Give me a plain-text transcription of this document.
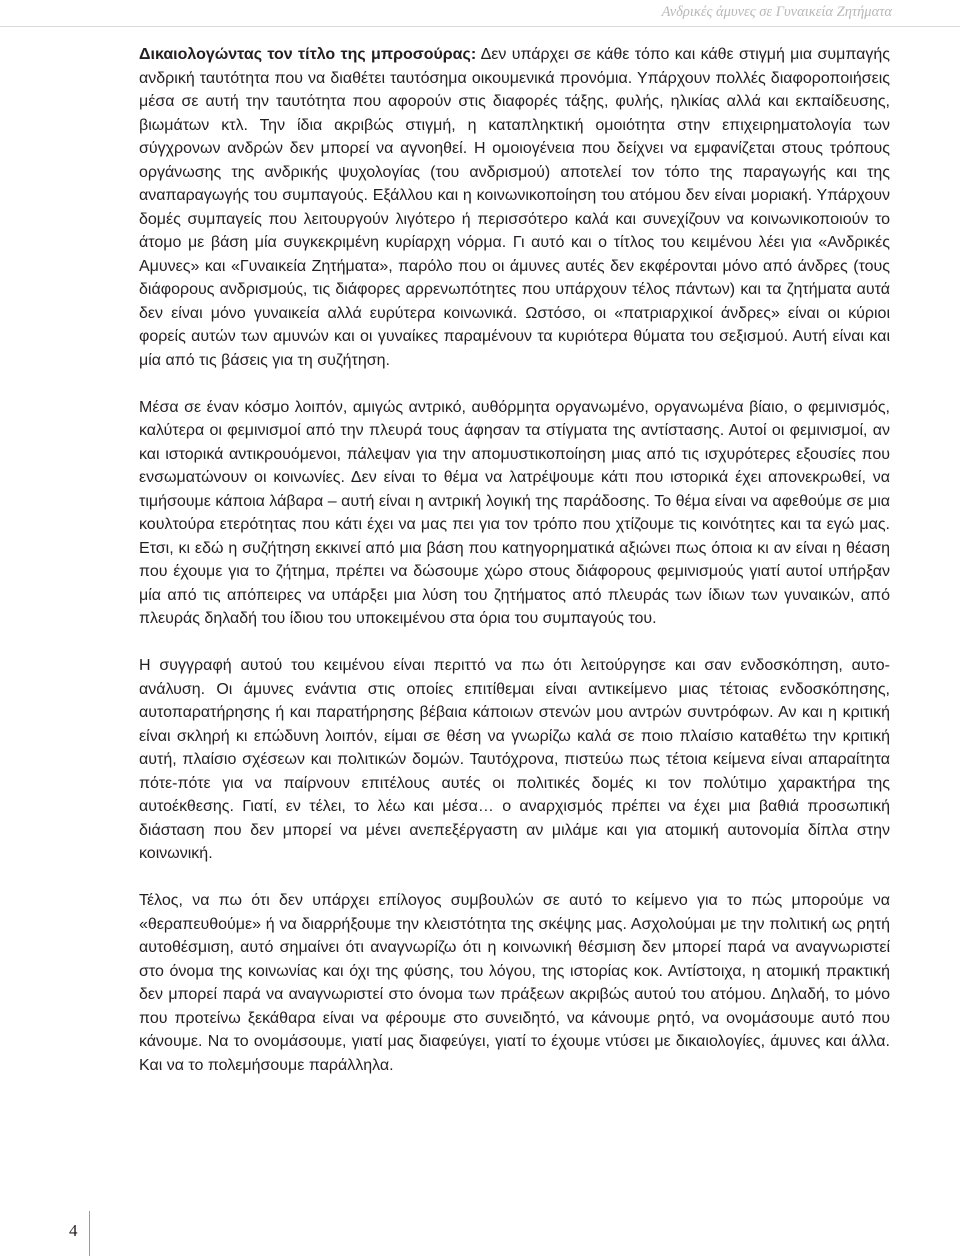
Ανδρικές άμυνες σε Γυναικεία Ζητήματα

Δικαιολογώντας τον τίτλο της μπροσούρας: Δεν υπάρχει σε κάθε τόπο και κάθε στιγμή μια συμπαγής ανδρική ταυτότητα που να διαθέτει ταυτόσημα οικουμενικά προνόμια. Υπάρχουν πολλές διαφοροποιήσεις μέσα σε αυτή την ταυτότητα που αφορούν στις διαφορές τάξης, φυλής, ηλικίας αλλά και εκπαίδευσης, βιωμάτων κτλ. Την ίδια ακριβώς στιγμή, η καταπληκτική ομοιότητα στην επιχειρηματολογία των σύγχρονων ανδρών δεν μπορεί να αγνοηθεί. Η ομοιογένεια που δείχνει να εμφανίζεται στους τρόπους οργάνωσης της ανδρικής ψυχολογίας (του ανδρισμού) αποτελεί τον τόπο της παραγωγής και της αναπαραγωγής του συμπαγούς. Εξάλλου και η κοινωνικοποίηση του ατόμου δεν είναι μοριακή. Υπάρχουν δομές συμπαγείς που λειτουργούν λιγότερο ή περισσότερο καλά και συνεχίζουν να κοινωνικοποιούν το άτομο με βάση μία συγκεκριμένη κυρίαρχη νόρμα. Γι αυτό και ο τίτλος του κειμένου λέει για «Ανδρικές Αμυνες» και «Γυναικεία Ζητήματα», παρόλο που οι άμυνες αυτές δεν εκφέρονται μόνο από άνδρες (τους διάφορους ανδρισμούς, τις διάφορες αρρενωπότητες που υπάρχουν τέλος πάντων) και τα ζητήματα αυτά δεν είναι μόνο γυναικεία αλλά ευρύτερα κοινωνικά. Ωστόσο, οι «πατριαρχικοί άνδρες» είναι οι κύριοι φορείς αυτών των αμυνών και οι γυναίκες παραμένουν τα κυριότερα θύματα του σεξισμού. Αυτή είναι και μία από τις βάσεις για τη συζήτηση.

Μέσα σε έναν κόσμο λοιπόν, αμιγώς αντρικό, αυθόρμητα οργανωμένο, οργανωμένα βίαιο, ο φεμινισμός, καλύτερα οι φεμινισμοί από την πλευρά τους άφησαν τα στίγματα της αντίστασης. Αυτοί οι φεμινισμοί, αν και ιστορικά αντικρουόμενοι, πάλεψαν για την απομυστικοποίηση μιας από τις ισχυρότερες εξουσίες που ενσωματώνουν οι κοινωνίες. Δεν είναι το θέμα να λατρέψουμε κάτι που ιστορικά έχει απονεκρωθεί, να τιμήσουμε κάποια λάβαρα – αυτή είναι η αντρική λογική της παράδοσης. Το θέμα είναι να αφεθούμε σε μια κουλτούρα ετερότητας που κάτι έχει να μας πει για τον τρόπο που χτίζουμε τις κοινότητες και τα εγώ μας. Ετσι, κι εδώ η συζήτηση εκκινεί από μια βάση που κατηγορηματικά αξιώνει πως όποια κι αν είναι η θέαση που έχουμε για το ζήτημα, πρέπει να δώσουμε χώρο στους διάφορους φεμινισμούς γιατί αυτοί υπήρξαν μία από τις απόπειρες να υπάρξει μια λύση του ζητήματος από πλευράς των ίδιων των γυναικών, από πλευράς δηλαδή του ίδιου του υποκειμένου στα όρια του συμπαγούς του.

Η συγγραφή αυτού του κειμένου είναι περιττό να πω ότι λειτούργησε και σαν ενδοσκόπηση, αυτο-ανάλυση. Οι άμυνες ενάντια στις οποίες επιτίθεμαι είναι αντικείμενο μιας τέτοιας ενδοσκόπησης, αυτοπαρατήρησης ή και παρατήρησης βέβαια κάποιων στενών μου αντρών συντρόφων. Αν και η κριτική είναι σκληρή κι επώδυνη λοιπόν, είμαι σε θέση να γνωρίζω καλά σε ποιο πλαίσιο καταθέτω την κριτική αυτή, πλαίσιο σχέσεων και πολιτικών δομών. Ταυτόχρονα, πιστεύω πως τέτοια κείμενα είναι απαραίτητα πότε-πότε για να παίρνουν επιτέλους αυτές οι πολιτικές δομές κι τον πολύτιμο χαρακτήρα της αυτοέκθεσης. Γιατί, εν τέλει, το λέω και μέσα… ο αναρχισμός πρέπει να έχει μια βαθιά προσωπική διάσταση που δεν μπορεί να μένει ανεπεξέργαστη αν μιλάμε και για ατομική αυτονομία δίπλα στην κοινωνική.

Τέλος, να πω ότι δεν υπάρχει επίλογος συμβουλών σε αυτό το κείμενο για το πώς μπορούμε να «θεραπευθούμε» ή να διαρρήξουμε την κλειστότητα της σκέψης μας. Ασχολούμαι με την πολιτική ως ρητή αυτοθέσμιση, αυτό σημαίνει ότι αναγνωρίζω ότι η κοινωνική θέσμιση δεν μπορεί παρά να αναγνωριστεί στο όνομα της κοινωνίας και όχι της φύσης, του λόγου, της ιστορίας κοκ. Αντίστοιχα, η ατομική πρακτική δεν μπορεί παρά να αναγνωριστεί στο όνομα των πράξεων ακριβώς αυτού του ατόμου. Δηλαδή, το μόνο που προτείνω ξεκάθαρα είναι να φέρουμε στο συνειδητό, να κάνουμε ρητό, να ονομάσουμε αυτό που κάνουμε. Να το ονομάσουμε, γιατί μας διαφεύγει, γιατί το έχουμε ντύσει με δικαιολογίες, άμυνες και άλλα. Και να το πολεμήσουμε παράλληλα.

4
